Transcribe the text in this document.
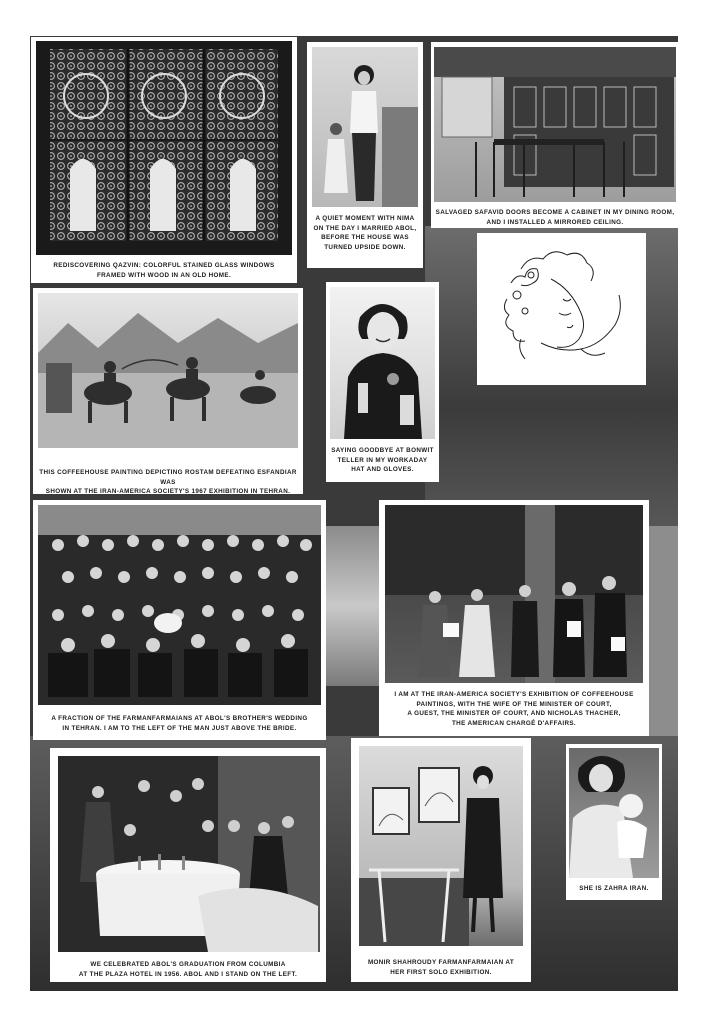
REDISCOVERING QAZVIN: COLORFUL STAINED GLASS WINDOWS
FRAMED WITH WOOD IN AN OLD HOME.
A QUIET MOMENT WITH NIMA
ON THE DAY I MARRIED ABOL,
BEFORE THE HOUSE WAS
TURNED UPSIDE DOWN.
SALVAGED SAFAVID DOORS BECOME A CABINET IN MY DINING ROOM,
AND I INSTALLED A MIRRORED CEILING.
THIS COFFEEHOUSE PAINTING DEPICTING ROSTAM DEFEATING ESFANDIAR WAS
SHOWN AT THE IRAN-AMERICA SOCIETY'S 1967 EXHIBITION IN TEHRAN.
SAYING GOODBYE AT BONWIT
TELLER IN MY WORKADAY
HAT AND GLOVES.
A FRACTION OF THE FARMANFARMAIANS AT ABOL'S BROTHER'S WEDDING
IN TEHRAN. I AM TO THE LEFT OF THE MAN JUST ABOVE THE BRIDE.
I AM AT THE IRAN-AMERICA SOCIETY'S EXHIBITION OF COFFEEHOUSE
PAINTINGS, WITH THE WIFE OF THE MINISTER OF COURT,
A GUEST, THE MINISTER OF COURT, AND NICHOLAS THACHER,
THE AMERICAN CHARGÉ D'AFFAIRS.
WE CELEBRATED ABOL'S GRADUATION FROM COLUMBIA
AT THE PLAZA HOTEL IN 1956. ABOL AND I STAND ON THE LEFT.
MONIR SHAHROUDY FARMANFARMAIAN AT
HER FIRST SOLO EXHIBITION.
SHE IS ZAHRA IRAN.
